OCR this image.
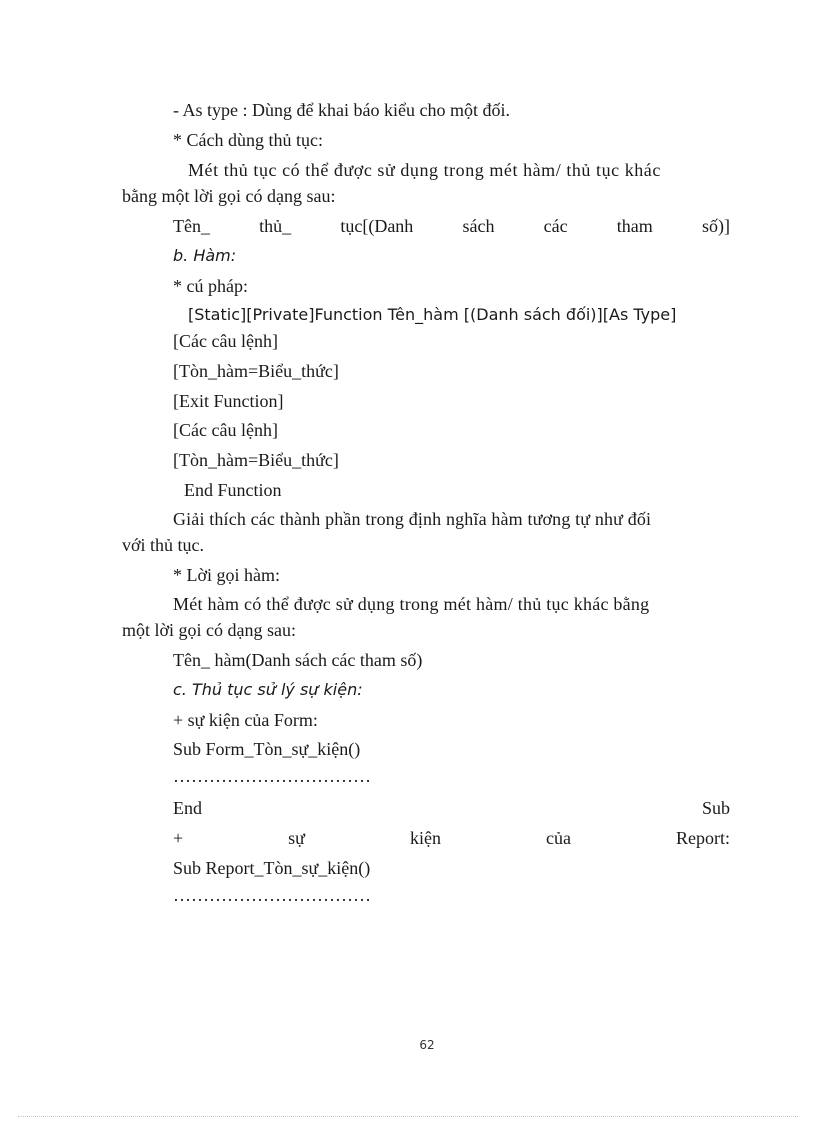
- As type : Dùng để khai báo kiểu cho một đối.
* Cách dùng thủ tục:
Mét thủ tục có thể được sử dụng trong mét hàm/ thủ tục khác
bằng một lời gọi có dạng sau:
Tên_	thủ_	tục[(Danh	sách	các	tham	số)]
b. Hàm:
* cú pháp:
[Static][Private]Function Tên_hàm [(Danh sách đối)][As Type]
[Các câu lệnh]
[Tòn_hàm=Biểu_thức]
[Exit Function]
[Các câu lệnh]
[Tòn_hàm=Biểu_thức]
End Function
Giải thích các thành phần trong định nghĩa hàm tương tự như đối
với thủ tục.
* Lời gọi hàm:
Mét hàm có thể được sử dụng trong mét hàm/ thủ tục khác bằng
một lời gọi có dạng sau:
Tên_ hàm(Danh sách các tham số)
c. Thủ tục sử lý sự kiện:
+ sự kiện của Form:
Sub Form_Tòn_sự_kiện()
……………………………
End	Sub
+	sự	kiện	của	Report:
Sub Report_Tòn_sự_kiện()
……………………………
62
